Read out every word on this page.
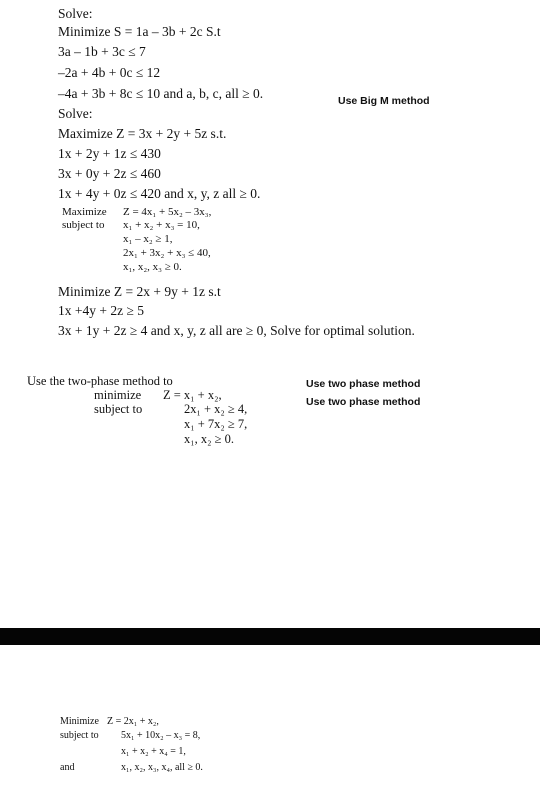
Solve:
Minimize S = 1a – 3b + 2c S.t
3a – 1b + 3c ≤ 7
–2a + 4b + 0c ≤ 12
–4a + 3b + 8c ≤ 10 and a, b, c, all ≥ 0.	Use Big M method
Solve:
Maximize Z = 3x + 2y + 5z s.t.
1x + 2y + 1z ≤ 430
3x + 0y + 2z ≤ 460
1x + 4y + 0z ≤ 420 and x, y, z all ≥ 0.
Maximize Z = 4x₁ + 5x₂ – 3x₃,
subject to x₁ + x₂ + x₃ = 10,
x₁ – x₂ ≥ 1,
2x₁ + 3x₂ + x₃ ≤ 40,
x₁, x₂, x₃ ≥ 0.
Minimize Z = 2x + 9y + 1z s.t
1x +4y + 2z ≥ 5
3x + 1y + 2z ≥ 4 and x, y, z all are ≥ 0, Solve for optimal solution.
Use the two-phase method to
minimize Z = x₁ + x₂,
subject to	2x₁ + x₂ ≥ 4,
x₁ + 7x₂ ≥ 7,
x₁, x₂ ≥ 0.
Use two phase method
Use two phase method
Minimize Z = 2x₁ + x₂,
subject to 5x₁ + 10x₂ – x₃ = 8,
x₁ + x₂ + x₄ = 1,
and	x₁, x₂, x₃, x₄, all ≥ 0.
